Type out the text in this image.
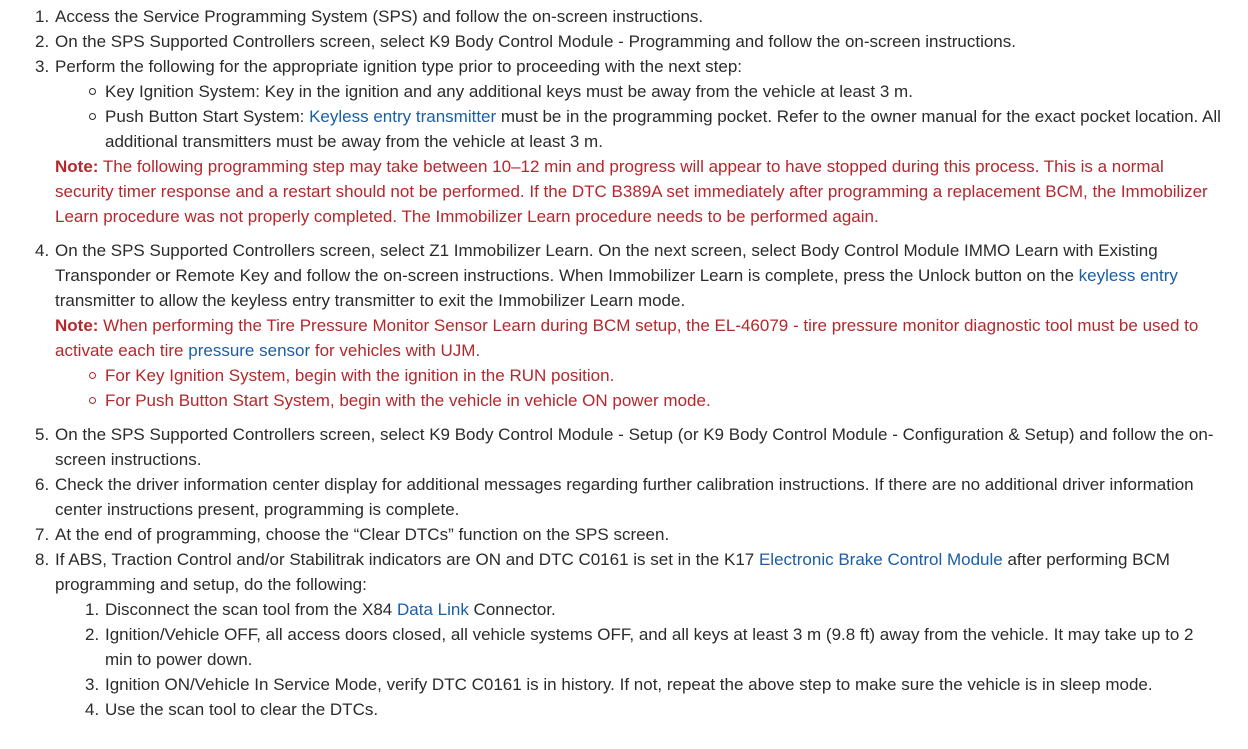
1. Access the Service Programming System (SPS) and follow the on-screen instructions.
2. On the SPS Supported Controllers screen, select K9 Body Control Module - Programming and follow the on-screen instructions.
3. Perform the following for the appropriate ignition type prior to proceeding with the next step:
Key Ignition System: Key in the ignition and any additional keys must be away from the vehicle at least 3 m.
Push Button Start System: Keyless entry transmitter must be in the programming pocket. Refer to the owner manual for the exact pocket location. All additional transmitters must be away from the vehicle at least 3 m.
Note: The following programming step may take between 10–12 min and progress will appear to have stopped during this process. This is a normal security timer response and a restart should not be performed. If the DTC B389A set immediately after programming a replacement BCM, the Immobilizer Learn procedure was not properly completed. The Immobilizer Learn procedure needs to be performed again.
4. On the SPS Supported Controllers screen, select Z1 Immobilizer Learn. On the next screen, select Body Control Module IMMO Learn with Existing Transponder or Remote Key and follow the on-screen instructions. When Immobilizer Learn is complete, press the Unlock button on the keyless entry transmitter to allow the keyless entry transmitter to exit the Immobilizer Learn mode.
Note: When performing the Tire Pressure Monitor Sensor Learn during BCM setup, the EL-46079 - tire pressure monitor diagnostic tool must be used to activate each tire pressure sensor for vehicles with UJM.
For Key Ignition System, begin with the ignition in the RUN position.
For Push Button Start System, begin with the vehicle in vehicle ON power mode.
5. On the SPS Supported Controllers screen, select K9 Body Control Module - Setup (or K9 Body Control Module - Configuration & Setup) and follow the on-screen instructions.
6. Check the driver information center display for additional messages regarding further calibration instructions. If there are no additional driver information center instructions present, programming is complete.
7. At the end of programming, choose the “Clear DTCs” function on the SPS screen.
8. If ABS, Traction Control and/or Stabilitrak indicators are ON and DTC C0161 is set in the K17 Electronic Brake Control Module after performing BCM programming and setup, do the following:
1. Disconnect the scan tool from the X84 Data Link Connector.
2. Ignition/Vehicle OFF, all access doors closed, all vehicle systems OFF, and all keys at least 3 m (9.8 ft) away from the vehicle. It may take up to 2 min to power down.
3. Ignition ON/Vehicle In Service Mode, verify DTC C0161 is in history. If not, repeat the above step to make sure the vehicle is in sleep mode.
4. Use the scan tool to clear the DTCs.
